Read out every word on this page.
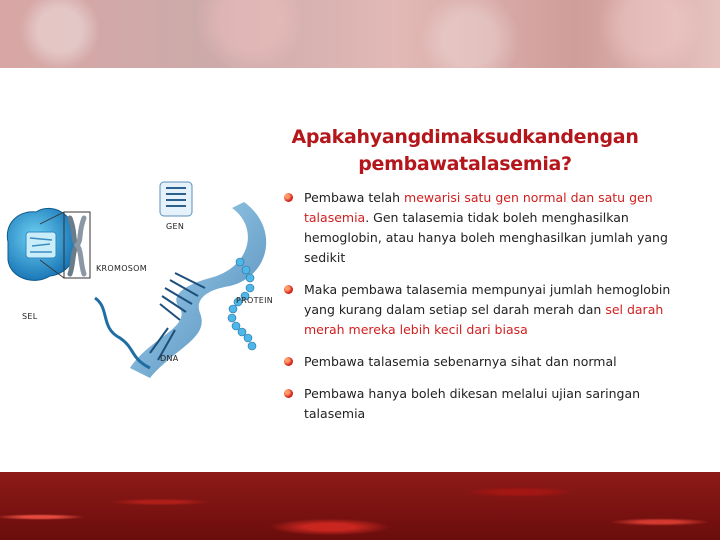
Apakahyangdimaksudkandengan
pembawatalasemia?
GEN
KROMOSOM
PROTEIN
SEL
DNA
Pembawa telah mewarisi satu gen normal dan satu gen talasemia. Gen talasemia tidak boleh menghasilkan hemoglobin, atau hanya boleh menghasilkan jumlah yang sedikit
Maka pembawa talasemia mempunyai jumlah hemoglobin yang kurang dalam setiap sel darah merah dan sel darah merah mereka lebih kecil dari biasa
Pembawa talasemia sebenarnya sihat dan normal
Pembawa hanya boleh dikesan melalui ujian saringan talasemia
